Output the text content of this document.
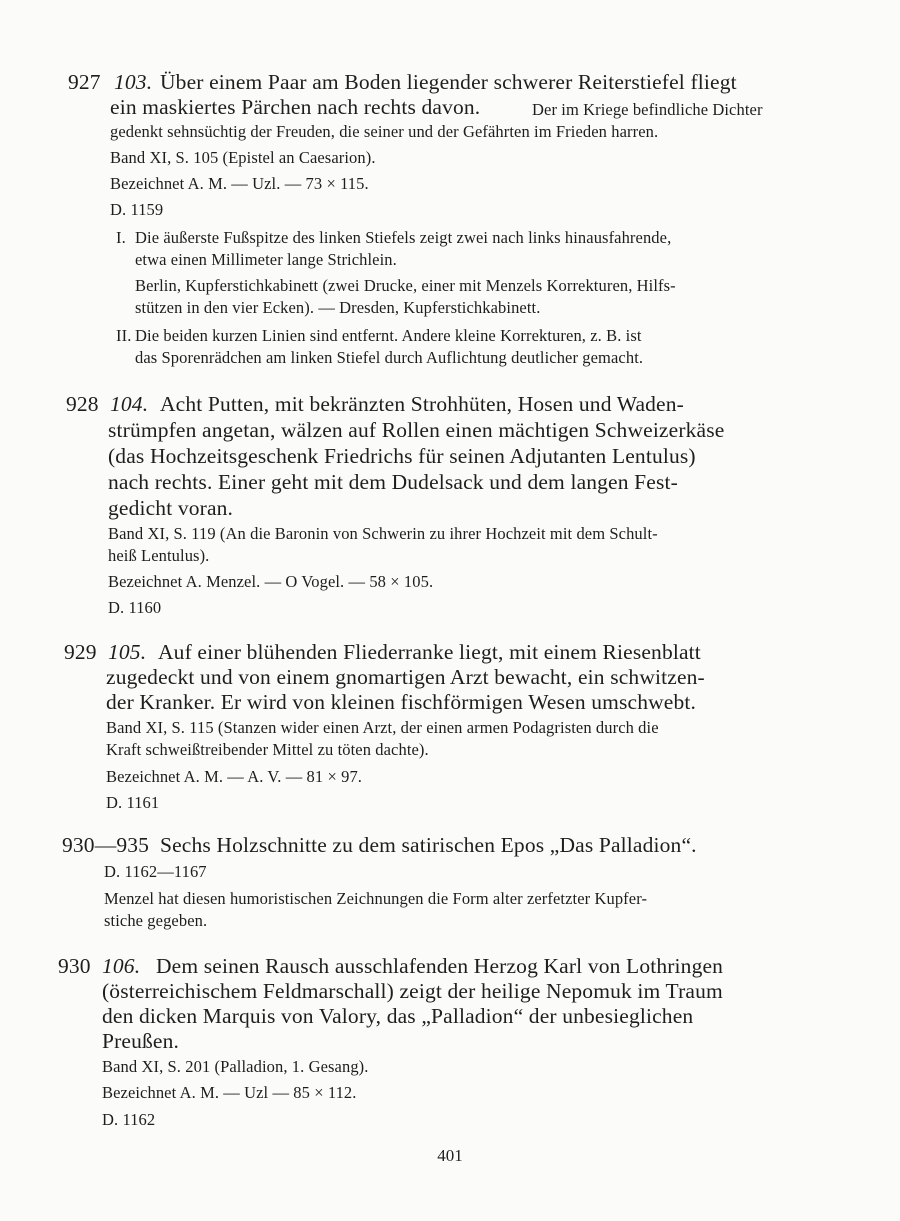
927 103. Über einem Paar am Boden liegender schwerer Reiterstiefel fliegt
ein maskiertes Pärchen nach rechts davon.	Der im Kriege befindliche Dichter
gedenkt sehnsüchtig der Freuden, die seiner und der Gefährten im Frieden harren.
Band XI, S. 105 (Epistel an Caesarion).
Bezeichnet A. M. — Uzl. — 73 × 115.
D. 1159
I. Die äußerste Fußspitze des linken Stiefels zeigt zwei nach links hinausfahrende,
etwa einen Millimeter lange Strichlein.
Berlin, Kupferstichkabinett (zwei Drucke, einer mit Menzels Korrekturen, Hilfs-
stützen in den vier Ecken). — Dresden, Kupferstichkabinett.
II. Die beiden kurzen Linien sind entfernt. Andere kleine Korrekturen, z. B. ist
das Sporenrädchen am linken Stiefel durch Auflichtung deutlicher gemacht.
928 104. Acht Putten, mit bekränzten Strohhüten, Hosen und Waden-
strümpfen angetan, wälzen auf Rollen einen mächtigen Schweizerkäse
(das Hochzeitsgeschenk Friedrichs für seinen Adjutanten Lentulus)
nach rechts. Einer geht mit dem Dudelsack und dem langen Fest-
gedicht voran.
Band XI, S. 119 (An die Baronin von Schwerin zu ihrer Hochzeit mit dem Schult-
heiß Lentulus).
Bezeichnet A. Menzel. — O Vogel. — 58 × 105.
D. 1160
929 105. Auf einer blühenden Fliederranke liegt, mit einem Riesenblatt
zugedeckt und von einem gnomartigen Arzt bewacht, ein schwitzen-
der Kranker. Er wird von kleinen fischförmigen Wesen umschwebt.
Band XI, S. 115 (Stanzen wider einen Arzt, der einen armen Podagristen durch die
Kraft schweißtreibender Mittel zu töten dachte).
Bezeichnet A. M. — A. V. — 81 × 97.
D. 1161
930—935 Sechs Holzschnitte zu dem satirischen Epos „Das Palladion“.
D. 1162—1167
Menzel hat diesen humoristischen Zeichnungen die Form alter zerfetzter Kupfer-
stiche gegeben.
930 106. Dem seinen Rausch ausschlafenden Herzog Karl von Lothringen
(österreichischem Feldmarschall) zeigt der heilige Nepomuk im Traum
den dicken Marquis von Valory, das „Palladion“ der unbesieglichen
Preußen.
Band XI, S. 201 (Palladion, 1. Gesang).
Bezeichnet A. M. — Uzl — 85 × 112.
D. 1162
401
